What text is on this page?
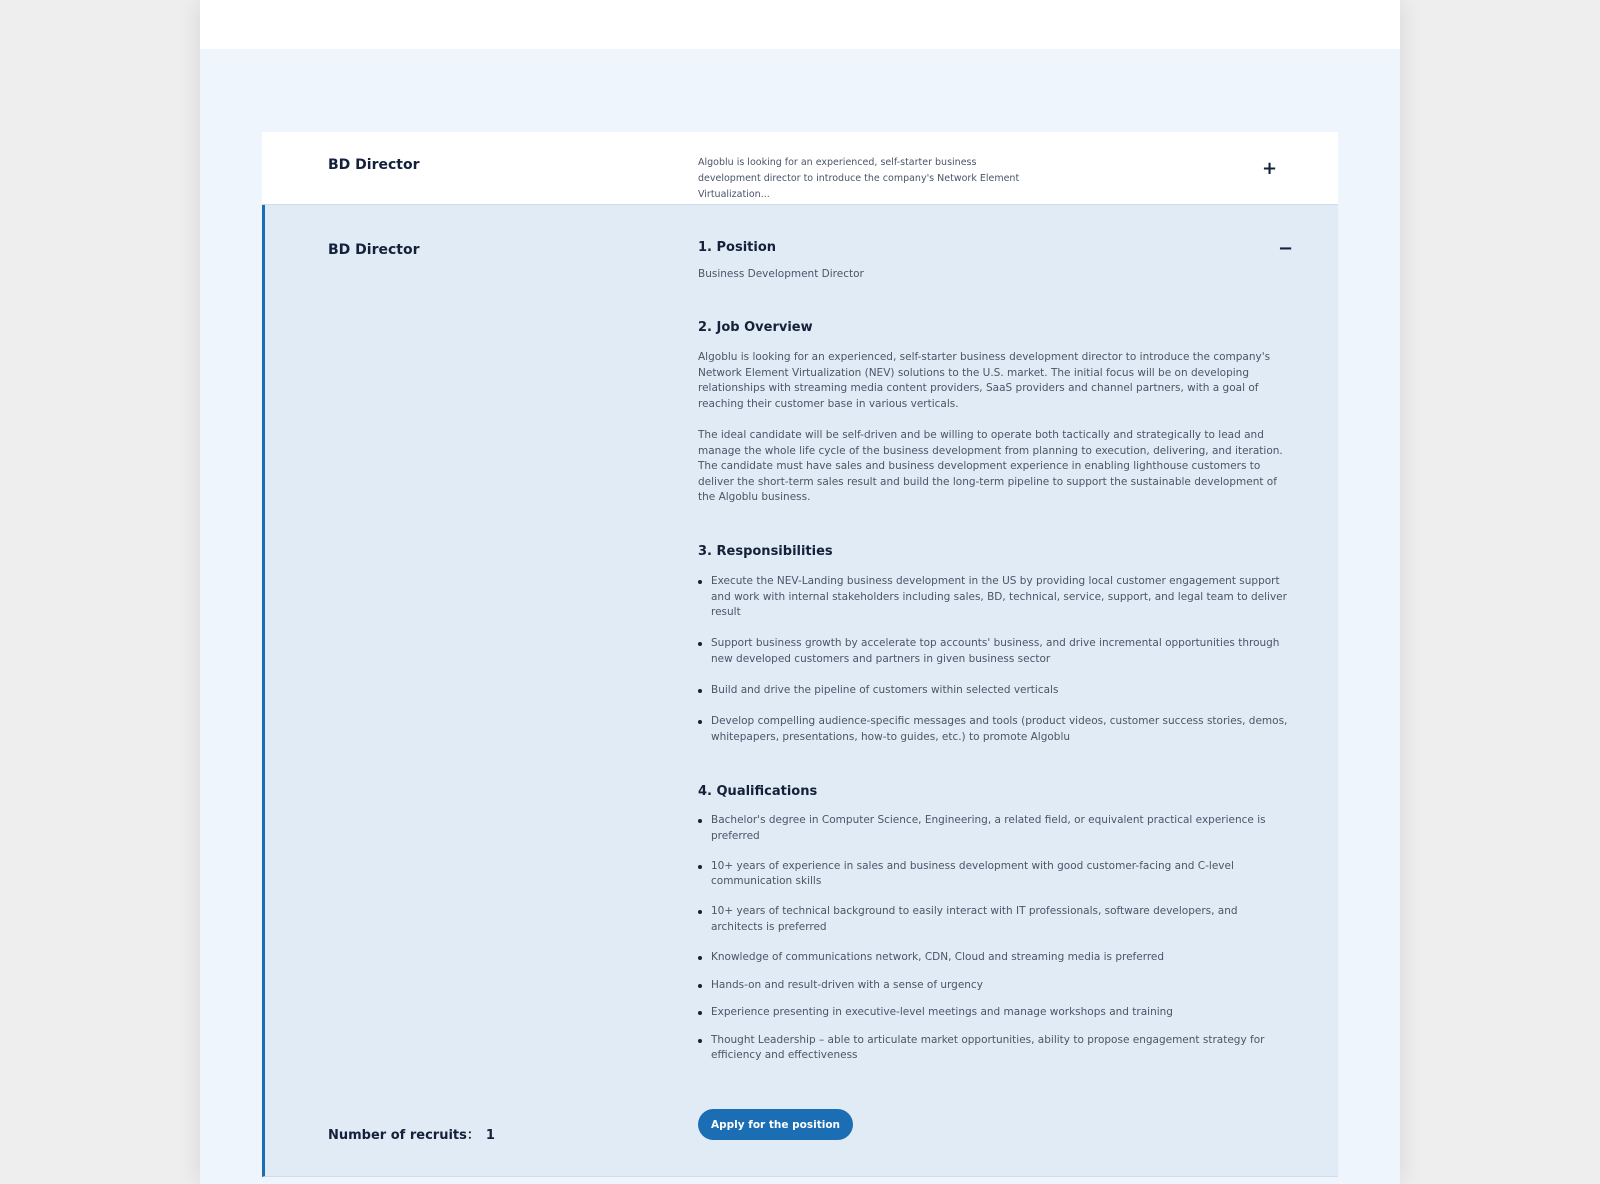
BD Director	Algoblu is looking for an experienced, self-starter business development director to introduce the company's Network Element Virtualization...
+
BD Director	−
1. Position
Business Development Director
2. Job Overview
Algoblu is looking for an experienced, self-starter business development director to introduce the company's Network Element Virtualization (NEV) solutions to the U.S. market. The initial focus will be on developing relationships with streaming media content providers, SaaS providers and channel partners, with a goal of reaching their customer base in various verticals.
The ideal candidate will be self-driven and be willing to operate both tactically and strategically to lead and manage the whole life cycle of the business development from planning to execution, delivering, and iteration. The candidate must have sales and business development experience in enabling lighthouse customers to deliver the short-term sales result and build the long-term pipeline to support the sustainable development of the Algoblu business.
3. Responsibilities
Execute the NEV-Landing business development in the US by providing local customer engagement support and work with internal stakeholders including sales, BD, technical, service, support, and legal team to deliver result
Support business growth by accelerate top accounts' business, and drive incremental opportunities through new developed customers and partners in given business sector
Build and drive the pipeline of customers within selected verticals
Develop compelling audience-specific messages and tools (product videos, customer success stories, demos, whitepapers, presentations, how-to guides, etc.) to promote Algoblu
4. Qualifications
Bachelor's degree in Computer Science, Engineering, a related field, or equivalent practical experience is preferred
10+ years of experience in sales and business development with good customer-facing and C-level communication skills
10+ years of technical background to easily interact with IT professionals, software developers, and architects is preferred
Knowledge of communications network, CDN, Cloud and streaming media is preferred
Hands-on and result-driven with a sense of urgency
Experience presenting in executive-level meetings and manage workshops and training
Thought Leadership – able to articulate market opportunities, ability to propose engagement strategy for efficiency and effectiveness
Apply for the position
Number of recruits： 1
